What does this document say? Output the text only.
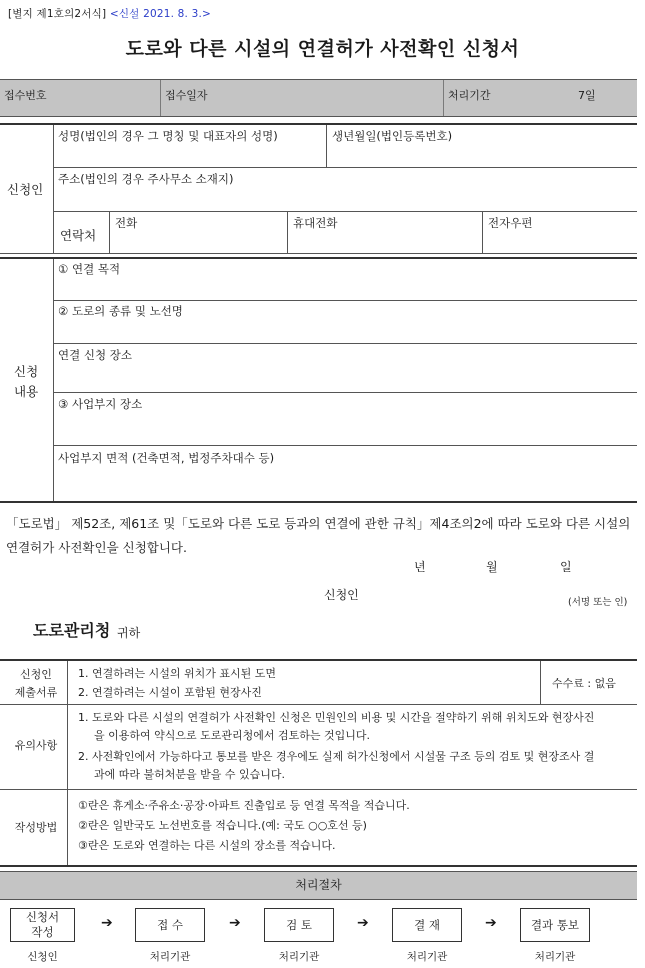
[별지 제1호의2서식] <신설 2021. 8. 3.>
도로와 다른 시설의 연결허가 사전확인 신청서
접수번호	접수일자	처리기간	7일
신청인
성명(법인의 경우 그 명칭 및 대표자의 성명)	생년월일(법인등록번호)
주소(법인의 경우 주사무소 소재지)
연락처
전화	휴대전화	전자우편
신청
내용
① 연결 목적
② 도로의 종류 및 노선명
연결 신청 장소
③ 사업부지 장소
사업부지 면적 (건축면적, 법정주차대수 등)
「도로법」 제52조, 제61조 및「도로와 다른 도로 등과의 연결에 관한 규칙」제4조의2에 따라 도로와 다른 시설의 연결허가 사전확인을 신청합니다.
년	월	일
신청인
(서명 또는 인)
도로관리청 귀하
신청인
제출서류
1. 연결하려는 시설의 위치가 표시된 도면
2. 연결하려는 시설이 포함된 현장사진
수수료 : 없음
유의사항
1. 도로와 다른 시설의 연결허가 사전확인 신청은 민원인의 비용 및 시간을 절약하기 위해 위치도와 현장사진
을 이용하여 약식으로 도로관리청에서 검토하는 것입니다.
2. 사전확인에서 가능하다고 통보를 받은 경우에도 실제 허가신청에서 시설물 구조 등의 검토 및 현장조사 결
과에 따라 불허처분을 받을 수 있습니다.
작성방법
①란은 휴게소·주유소·공장·아파트 진출입로 등 연결 목적을 적습니다.
②란은 일반국도 노선번호를 적습니다.(예: 국도 ○○호선 등)
③란은 도로와 연결하는 다른 시설의 장소를 적습니다.
처리절차
신청서
작성
➔	접 수	➔	검 토	➔	결 재	➔	결과 통보
신청인	처리기관	처리기관	처리기관	처리기관
